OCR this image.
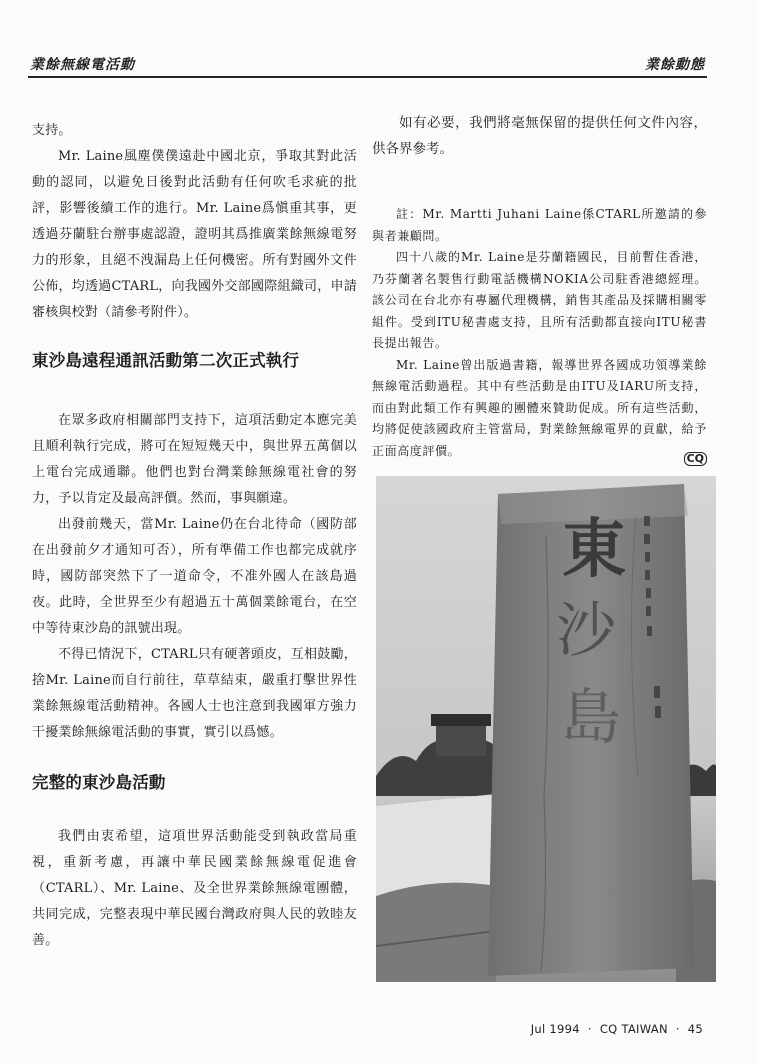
業餘無線電活動	業餘動態

支持。

Mr. Laine風塵僕僕遠赴中國北京，爭取其對此活動的認同，以避免日後對此活動有任何吹毛求疵的批評，影響後續工作的進行。Mr. Laine爲愼重其事，更透過芬蘭駐台辦事處認證，證明其爲推廣業餘無線電努力的形象，且絕不洩漏島上任何機密。所有對國外文件公佈，均透過CTARL，向我國外交部國際組織司，申請審核與校對（請參考附件）。

東沙島遠程通訊活動第二次正式執行

在眾多政府相關部門支持下，這項活動定本應完美且順利執行完成，將可在短短幾天中，與世界五萬個以上電台完成通聯。他們也對台灣業餘無線電社會的努力，予以肯定及最高評價。然而，事與願違。

出發前幾天，當Mr. Laine仍在台北待命（國防部在出發前夕才通知可否），所有準備工作也都完成就序時，國防部突然下了一道命令，不准外國人在該島過夜。此時，全世界至少有超過五十萬個業餘電台，在空中等待東沙島的訊號出現。

不得已情況下，CTARL只有硬著頭皮，互相鼓勵，捨Mr. Laine而自行前往，草草結束，嚴重打擊世界性業餘無線電活動精神。各國人士也注意到我國軍方強力干擾業餘無線電活動的事實，實引以爲憾。

完整的東沙島活動

我們由衷希望，這項世界活動能受到執政當局重視，重新考慮，再讓中華民國業餘無線電促進會（CTARL）、Mr. Laine、及全世界業餘無線電團體，共同完成，完整表現中華民國台灣政府與人民的敦睦友善。

如有必要，我們將毫無保留的提供任何文件內容，供各界參考。

註：Mr. Martti Juhani Laine係CTARL所邀請的參與者兼顧問。

四十八歲的Mr. Laine是芬蘭籍國民，目前暫住香港，乃芬蘭著名製售行動電話機構NOKIA公司駐香港總經理。該公司在台北亦有專屬代理機構，銷售其產品及採購相關零組件。受到ITU秘書處支持，且所有活動都直接向ITU秘書長提出報告。

Mr. Laine曾出版過書籍，報導世界各國成功領導業餘無線電活動過程。其中有些活動是由ITU及IARU所支持，而由對此類工作有興趣的團體來贊助促成。所有這些活動，均將促使該國政府主管當局，對業餘無線電界的貢獻，給予正面高度評價。

CQ
東
沙
島
Jul 1994 · CQ TAIWAN · 45
